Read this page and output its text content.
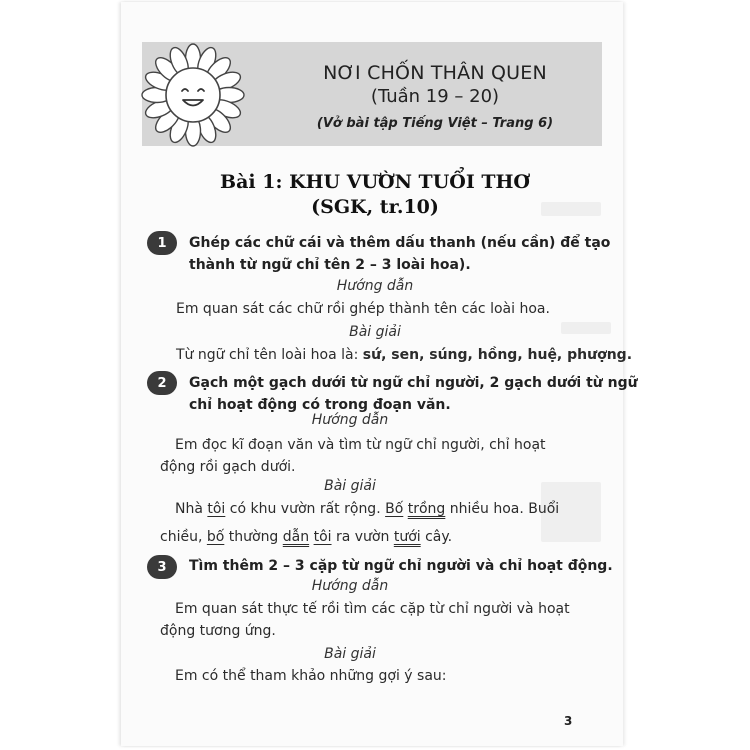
NƠI CHỐN THÂN QUEN
(Tuần 19 – 20)
(Vở bài tập Tiếng Việt – Trang 6)
Bài 1: KHU VƯỜN TUỔI THƠ
(SGK, tr.10)
1	Ghép các chữ cái và thêm dấu thanh (nếu cần) để tạo
thành từ ngữ chỉ tên 2 – 3 loài hoa).
Hướng dẫn
Em quan sát các chữ rồi ghép thành tên các loài hoa.
Bài giải
Từ ngữ chỉ tên loài hoa là: sứ, sen, súng, hồng, huệ, phượng.
2	Gạch một gạch dưới từ ngữ chỉ người, 2 gạch dưới từ ngữ
chỉ hoạt động có trong đoạn văn.
Hướng dẫn
Em đọc kĩ đoạn văn và tìm từ ngữ chỉ người, chỉ hoạt
động rồi gạch dưới.
Bài giải
Nhà tôi có khu vườn rất rộng. Bố trồng nhiều hoa. Buổi
chiều, bố thường dẫn tôi ra vườn tưới cây.
3	Tìm thêm 2 – 3 cặp từ ngữ chỉ người và chỉ hoạt động.
Hướng dẫn
Em quan sát thực tế rồi tìm các cặp từ chỉ người và hoạt
động tương ứng.
Bài giải
Em có thể tham khảo những gợi ý sau:
3
